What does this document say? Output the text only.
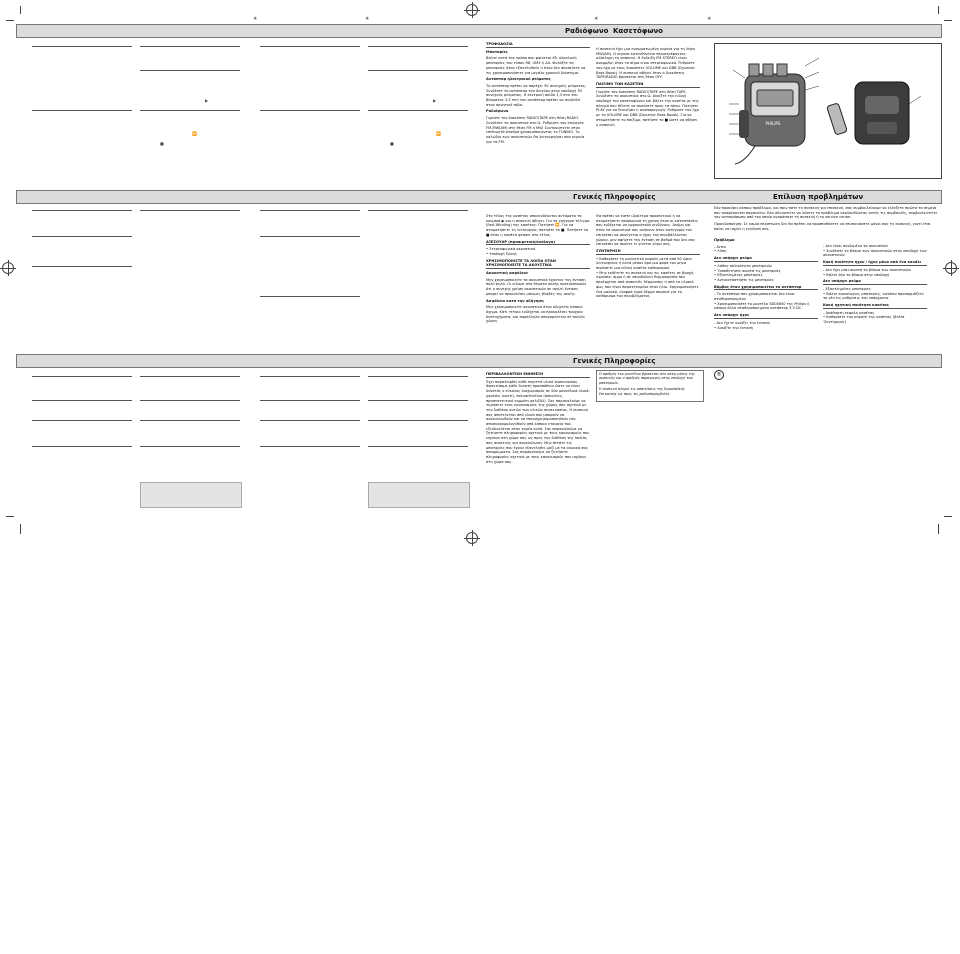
✳	✳	✳	✳
Ραδιόφωνο Κασετόφωνο
▶	▶
■	■
⏩	⏩

ΤΡΟΦΟΔΟΣΙΑ

Μπαταρίες

Βάλτε κατά τον τρόπο που φαίνεται έξι αλκαλικές μπαταρίες του τύπου R6, UM3 ή AA. Φυλάξτε τις μπαταρίες όταν εξαντληθούν ή όταν δεν σκοπεύετε να τις χρησιμοποιήσετε για μεγάλο χρονικό διάστημα.

Αντάπτορ ηλεκτρικού ρεύματος

Το αντάπτορ πρέπει να παρέχει 3V συνεχούς ρεύματος. Συνδέστε το αντάπτορ του δικτύου στην υποδοχή 3V συνεχούς ρεύματος. Η κεντρική ακίδα 1,3 mm του βύσματος 3.5 mm του αντάπτορ πρέπει να συνδεθεί στον αρνητικό πόλο.

Ραδιόφωνο

Γυρίστε τον διακόπτη RADIO/TAPE στη θέση RADIO. Συνδέστε τα ακουστικά στο Ω. Ρυθμίστε τον επιλογέα FM-MW(AM) στη θέση FM ή MW. Συντονιστείτε στον επιθυμητό σταθμό χρησιμοποιώντας το TUNING. Το καλώδιο των ακουστικών θα λειτουργήσει σαν κεραία για τα FM.

Η συσκευή έχει μια ενσωματωμένη κεραία για τη λήψη MW(AM). Η κεραία κατευθύνεται περιστρέφοντας ολόκληρη τη συσκευή. Η ένδειξη FM STEREO είναι αναμμένη όταν το σήμα είναι στερεοφωνικό. Ρυθμίστε τον ήχο με τους διακόπτες VOLUME και DBB (Dynamic Bass Boost). Η συσκευή σβήνει όταν ο διακόπτης TAPE/RADIO βρίσκεται στη θέση OFF.

ΠΑΙΞΙΜΟ ΤΩΝ ΚΑΣΕΤΩΝ

Γυρίστε τον διακόπτη RADIO/TAPE στη θέση TAPE. Συνδέστε τα ακουστικά στο Ω. Ανοίξτε την ειδική υποδοχή του κασετοφώνου και βάλτε την κασέτα με την πλευρά που θέλετε να ακούσετε προς τα πάνω. Πατήστε PLAY για να ξεκινήσει η αναπαραγωγή. Ρυθμίστε τον ήχο με το VOLUME και DBB (Dynamic Bass Boost). Για να σταματήσετε το παίξιμο, πατήστε το ■ ώστε να σβήσει η συσκευή.	PHILIPS
Γενικές Πληροφορίες	Επίλυση προβλημάτων

Στο τέλος της κασέτας αποσυνδέονται αυτόματα τα κουμπιά ▶ και η συσκευή σβήνει. Για το γρήγορο τύλιγμα (Fast Winding) της κασέτας: Πατήστε ⏩. Για να σταματήσετε τη λειτουργία, πατήστε το ■. Πατήστε το ■ όταν η κασέτα φτάσει στο τέλος.

ΑΞΕΣΟΥΑΡ (προαιρετικά/ανάλογα)

• Στερεοφωνικά ακουστικά
• Υποδοχή ζώνης

ΧΡΗΣΙΜΟΠΟΙΗΣΤΕ ΤΑ ΛΟΙΠΑ ΟΤΑΝ ΧΡΗΣΙΜΟΠΟΙΕΙΤΕ ΤΑ ΑΚΟΥΣΤΙΚΑ

Ακουστική ασφάλεια

Μην χρησιμοποιείτε τα ακουστικά έχοντας την ένταση πολύ ψηλά. Οι ειδικοί στα θέματα ακοής προειδοποιούν ότι η συνεχής χρήση ακουστικών σε υψηλή ένταση μπορεί να προκαλέσει μόνιμες βλάβες της ακοής.

Ασφάλεια κατά την οδήγηση

Μην χρησιμοποιείτε ακουστικά όταν οδηγείτε κάποιο όχημα. Κάτι τέτοιο ενδέχεται να προκαλέσει τροχαία δυστυχήματα, και παράλληλα απαγορεύεται σε πολλές χώρες.

Θα πρέπει να είστε ιδιαίτερα προσεκτικοί ή να σταματήσετε προσωρινά τη χρήση όταν οι καταστάσεις που ενδέχεται να εμφανιστούν κινδύνους. Ακόμη και όταν τα ακουστικά σας ανήκουν στον κατηγορία του επιτρέπει να ακούγεται ο ήχος του περιβάλλοντος χώρου, μην αφήνετε την ένταση σε βαθμό που δεν σας επιτρέπει να ακούτε τι γίνεται γύρω σας.

ΣΥΝΤΗΡΗΣΗ

• Καθαρίστε τη μαγνητική κεφαλή μετά από 50 ώρες λειτουργίας ή κατά μέσον όρο μια φορά τον μήνα περάσετε μια ειδική κασέτα καθαρισμού.
• Μην εκθέτετε τη συσκευή και τις κασέτες σε βροχή, υγρασία, άμμο ή σε υπερβολική θερμοκρασία που προέρχεται από συσκευές θέρμανσης ή από το ηλιακό φως που είναι παρατεταμένο στον ήλιο. Χρησιμοποιήστε ένα μαλακό, ελαφρά υγρό δέρμα σαμουά για το καθάρισμα του περιβλήματος.

Εάν προκύψει κάποιο πρόβλημα, και πριν πάτε τη συσκευή για επισκευή, σας συμβουλεύουμε να ελέγξετε πρώτα τα σημεία που αναφέρονται παρακάτω. Εάν αδυνατείτε να λύσετε το πρόβλημα ακολουθώντας αυτές τις συμβουλές, συμβουλευτείτε τον αντιπρόσωπο από τον οποίο αγοράσατε τη συσκευή ή το service center.

Προειδοποίηση: Σε καμία περίπτωση δεν θα πρέπει να προσπαθήσετε να επισκευάσετε μόνοι σας τη συσκευή, γιατί έτσι παύει να ισχύει η εγγύησή σας.

Πρόβλημα

- Αιτία
• Λύση

Δεν υπάρχει ρεύμα

• Λάθος πολικότητα μπαταριών
• Τοποθετήστε σωστά τις μπαταρίες
• Εξαντλημένες μπαταρίες
• Αντικαταστήστε τις μπαταρίες

Βόμβος όταν χρησιμοποιείται το αντάπτορ

- Το αντάπτορ που χρησιμοποιείται δεν είναι σταθεροποιημένο
• Χρησιμοποιήστε το μοντέλο SBC6650 της Philips ή κάποιο άλλο σταθεροποιημένο αντάπτορ 3 V DC

Δεν υπάρχει ήχος

- Δεν έχετε ανοίξει την ένταση
• Ανοίξτε την ένταση

- Δεν είναι συνδεμένα τα ακουστικά
• Συνδέστε το βύσμα των ακουστικών στην υποδοχή των ακουστικών

Κακή ποιότητα ήχου / ήχος μόνο από ένα κανάλι

- Δεν έχει μπει σωστά το βύσμα των ακουστικών
• Βάλτε όλο το βύσμα στην υποδοχή

Δεν υπάρχει ρεύμα

- Εξαντλημένες μπαταρίες
• Βάλτε καινούργιες μπαταρίες, κατόπιν προσαρμόζετε το νέο τις ρυθμίσεις του υπάρχοντα

Κακή ηχητική ποιότητα κασέτας

- Ακάθαρτη κεφαλή κασέτας
• Καθαρίστε την κεφαλή της κασέτας (βλέπε 'Συντήρηση')

Γενικές Πληροφορίες

ΠΕΡΙΒΑΛΛΟΝΤΙΚΗ ΕΝΗΜΕΞΗ

Έχει παραλειφθεί κάθε περιττό υλικό συσκευασίας. Φροντίσαμε κάθε δυνατή προσπάθεια ώστε να είναι δυνατός ο εύκολος διαχωρισμός σε δύο μονοϋλικά υλικά: χαρτόνι (κουτί), πολυαιθυλένιο (σακούλες, προστατευτικό κομμάτι φελιζόλ). Σας παρακαλούμε να τηρήσετε τους κανονισμούς της χώρας σας σχετικά με την διάθεση αυτών των υλικών συσκευασίας. Η συσκευή σας αποτελείται από υλικά που μπορούν να ανακυκλωθούν και να επαναχρησιμοποιηθούν εάν αποσυναρμολογηθούν από κάποια εταιρεία που εξειδικεύεται στον τομέα αυτό. Σας παρακαλούμε να ζητήσετε πληροφορίες σχετικά με τους κανονισμούς που ισχύουν στη χώρα σας ως προς την διάθεση της παλιάς σας συσκευής για ανακύκλωση. Μην πετάτε τις μπαταρίες που έχουν εξαντληθεί μαζί με τα οικιακά σας απορρίμματα. Σας παρακαλούμε να ζητήσετε πληροφορίες σχετικά με τους κανονισμούς που ισχύουν στη χώρα σας.

Ο αριθμός του μοντέλου βρίσκεται στο κάτω μέρος της συσκευής και ο αριθμός παραγωγής στην υποδοχή των μπαταριών.

Η συσκευή πληροί τις απαιτήσεις της Ευρωπαϊκής Επιτροπής ως προς τις ραδιοπαρεμβολές.

®
